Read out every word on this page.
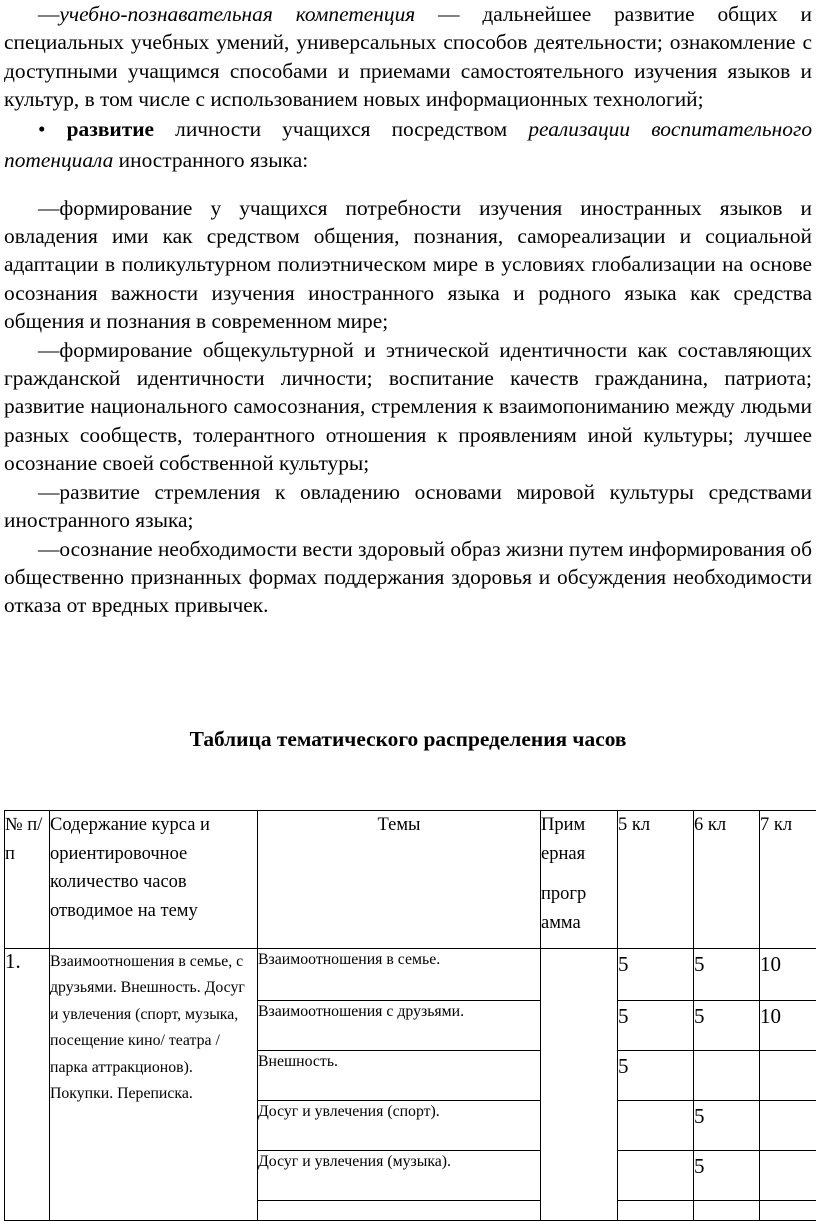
—учебно-познавательная компетенция — дальнейшее развитие общих и специальных учебных умений, универсальных способов деятельности; ознакомление с доступными учащимся способами и приемами самостоятельного изучения языков и культур, в том числе с использованием новых информационных технологий;

• развитие личности учащихся посредством реализации воспитательного потенциала иностранного языка:

—формирование у учащихся потребности изучения иностранных языков и овладения ими как средством общения, познания, самореализации и социальной адаптации в поликультурном полиэтническом мире в условиях глобализации на основе осознания важности изучения иностранного языка и родного языка как средства общения и познания в современном мире;

—формирование общекультурной и этнической идентичности как составляющих гражданской идентичности личности; воспитание качеств гражданина, патриота; развитие национального самосознания, стремления к взаимопониманию между людьми разных сообществ, толерантного отношения к проявлениям иной культуры; лучшее осознание своей собственной культуры;

—развитие стремления к овладению основами мировой культуры средствами иностранного языка;

—осознание необходимости вести здоровый образ жизни путем информирования об общественно признанных формах поддержания здоровья и обсуждения необходимости отказа от вредных привычек.

Таблица тематического распределения часов
№ п/п	Содержание курса и ориентировочное количество часов отводимое на тему	Темы	Прим ерная
прогр амма	5 кл	6 кл	7 кл
1.	Взаимоотношения в семье, с друзьями. Внешность. Досуг и увлечения (спорт, музыка, посещение кино/ театра / парка аттракционов). Покупки. Переписка.	Взаимоотношения в семье.		5	5	10
		Взаимоотношения с друзьями.		5	5	10
		Внешность.		5		
		Досуг и увлечения (спорт).			5	
		Досуг и увлечения (музыка).			5	
